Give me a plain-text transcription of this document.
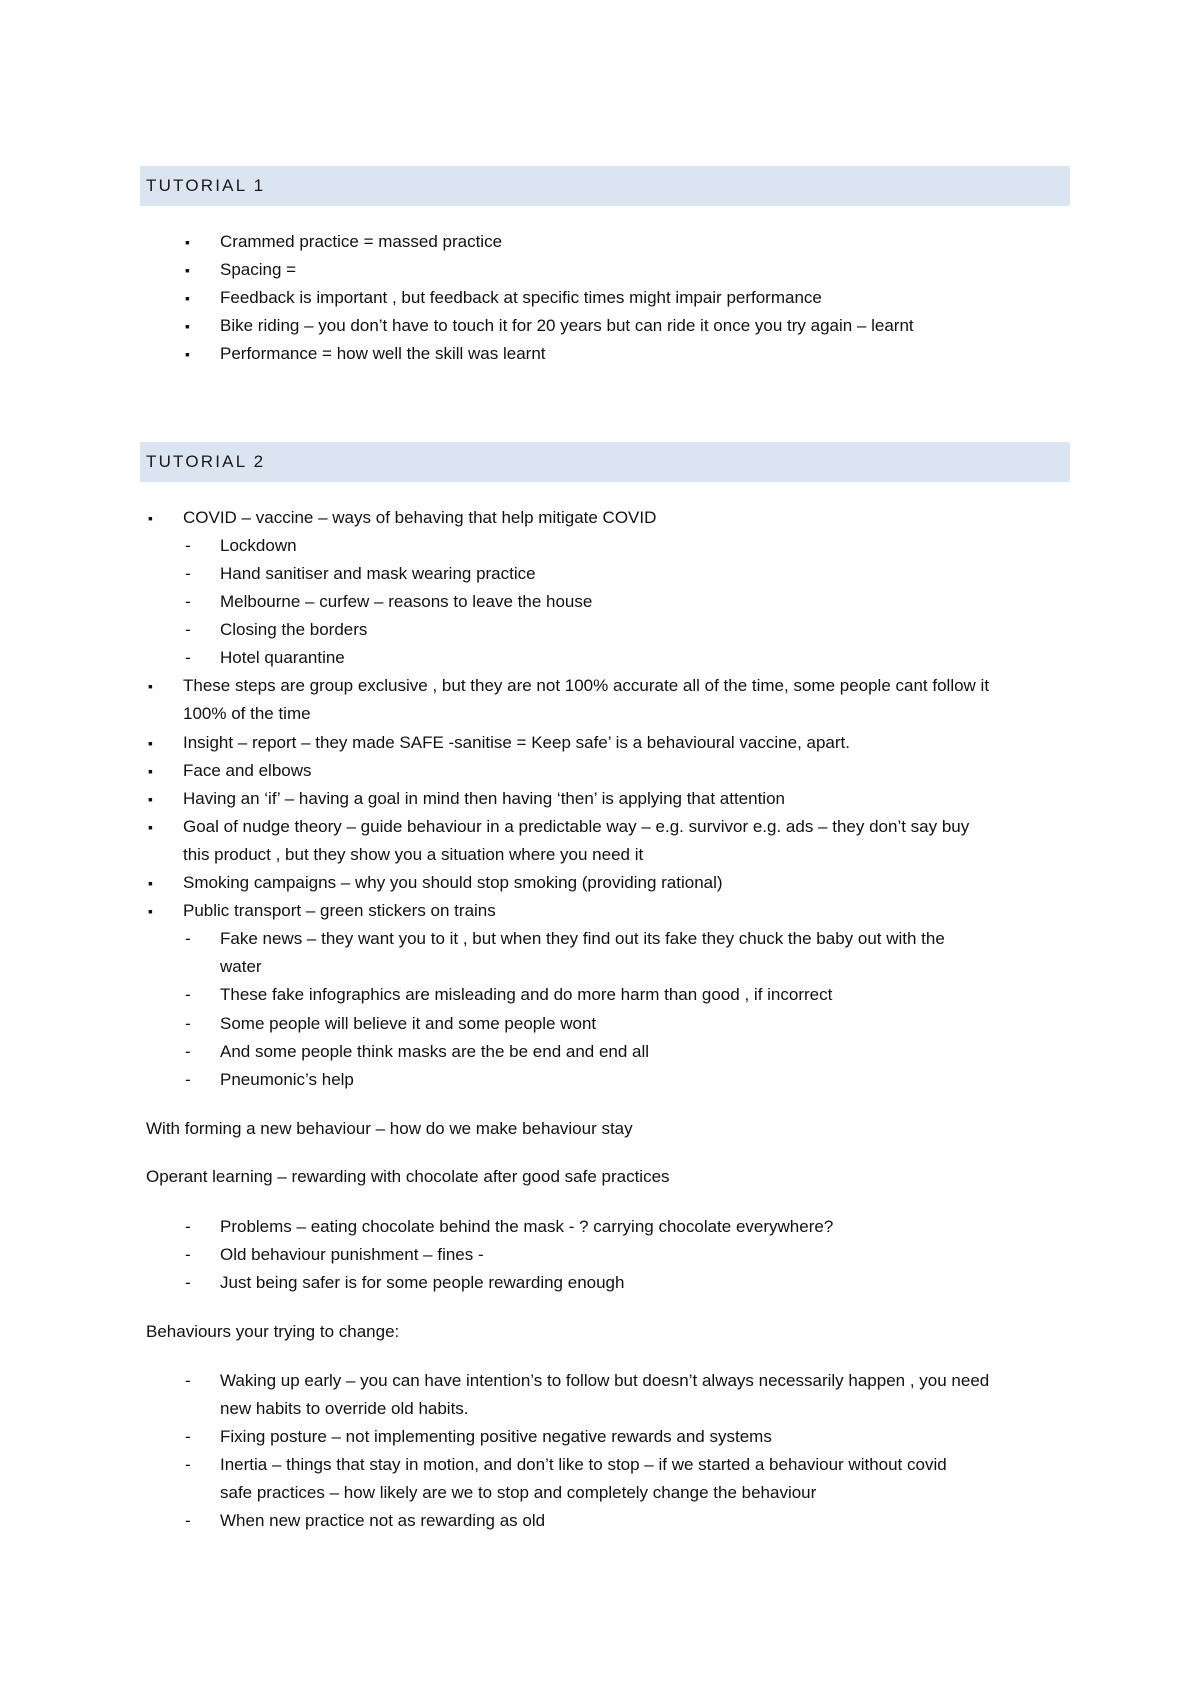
TUTORIAL 1
▪ Crammed practice = massed practice
▪ Spacing =
▪ Feedback is important , but feedback at specific times might impair performance
▪ Bike riding – you don’t have to touch it for 20 years but can ride it once you try again – learnt
▪ Performance = how well the skill was learnt
TUTORIAL 2
▪ COVID – vaccine – ways of behaving that help mitigate COVID
- Lockdown
- Hand sanitiser and mask wearing practice
- Melbourne – curfew – reasons to leave the house
- Closing the borders
- Hotel quarantine
▪ These steps are group exclusive , but they are not 100% accurate all of the time, some people cant follow it
100% of the time
▪ Insight – report – they made SAFE -sanitise = Keep safe’ is a behavioural vaccine, apart.
▪ Face and elbows
▪ Having an ‘if’ – having a goal in mind then having ‘then’ is applying that attention
▪ Goal of nudge theory – guide behaviour in a predictable way – e.g. survivor e.g. ads – they don’t say buy
this product , but they show you a situation where you need it
▪ Smoking campaigns – why you should stop smoking (providing rational)
▪ Public transport – green stickers on trains
- Fake news – they want you to it , but when they find out its fake they chuck the baby out with the
water
- These fake infographics are misleading and do more harm than good , if incorrect
- Some people will believe it and some people wont
- And some people think masks are the be end and end all
- Pneumonic’s help
With forming a new behaviour – how do we make behaviour stay
Operant learning – rewarding with chocolate after good safe practices
- Problems – eating chocolate behind the mask - ? carrying chocolate everywhere?
- Old behaviour punishment – fines -
- Just being safer is for some people rewarding enough
Behaviours your trying to change:
- Waking up early – you can have intention’s to follow but doesn’t always necessarily happen , you need
new habits to override old habits.
- Fixing posture – not implementing positive negative rewards and systems
- Inertia – things that stay in motion, and don’t like to stop – if we started a behaviour without covid
safe practices – how likely are we to stop and completely change the behaviour
- When new practice not as rewarding as old
